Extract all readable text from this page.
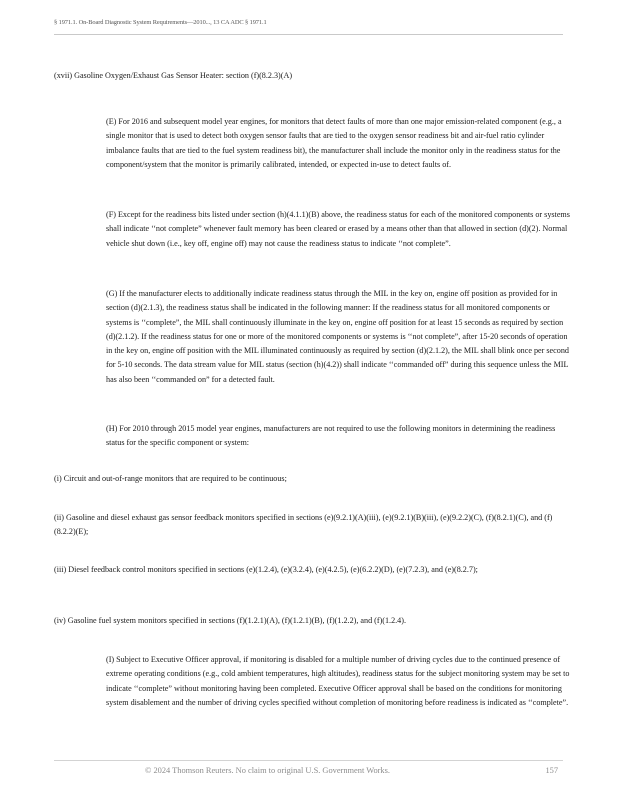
§ 1971.1. On-Board Diagnostic System Requirements—2010..., 13 CA ADC § 1971.1

(xvii) Gasoline Oxygen/Exhaust Gas Sensor Heater: section (f)(8.2.3)(A)

(E) For 2016 and subsequent model year engines, for monitors that detect faults of more than one major emission-related component (e.g., a single monitor that is used to detect both oxygen sensor faults that are tied to the oxygen sensor readiness bit and air-fuel ratio cylinder imbalance faults that are tied to the fuel system readiness bit), the manufacturer shall include the monitor only in the readiness status for the component/system that the monitor is primarily calibrated, intended, or expected in-use to detect faults of.

(F) Except for the readiness bits listed under section (h)(4.1.1)(B) above, the readiness status for each of the monitored components or systems shall indicate ‘‘not complete” whenever fault memory has been cleared or erased by a means other than that allowed in section (d)(2). Normal vehicle shut down (i.e., key off, engine off) may not cause the readiness status to indicate ‘‘not complete”.

(G) If the manufacturer elects to additionally indicate readiness status through the MIL in the key on, engine off position as provided for in section (d)(2.1.3), the readiness status shall be indicated in the following manner: If the readiness status for all monitored components or systems is ‘‘complete”, the MIL shall continuously illuminate in the key on, engine off position for at least 15 seconds as required by section (d)(2.1.2). If the readiness status for one or more of the monitored components or systems is ‘‘not complete”, after 15-20 seconds of operation in the key on, engine off position with the MIL illuminated continuously as required by section (d)(2.1.2), the MIL shall blink once per second for 5-10 seconds. The data stream value for MIL status (section (h)(4.2)) shall indicate ‘‘commanded off” during this sequence unless the MIL has also been ‘‘commanded on” for a detected fault.

(H) For 2010 through 2015 model year engines, manufacturers are not required to use the following monitors in determining the readiness status for the specific component or system:

(i) Circuit and out-of-range monitors that are required to be continuous;

(ii) Gasoline and diesel exhaust gas sensor feedback monitors specified in sections (e)(9.2.1)(A)(iii), (e)(9.2.1)(B)(iii), (e)(9.2.2)(C), (f)(8.2.1)(C), and (f)(8.2.2)(E);

(iii) Diesel feedback control monitors specified in sections (e)(1.2.4), (e)(3.2.4), (e)(4.2.5), (e)(6.2.2)(D), (e)(7.2.3), and (e)(8.2.7);

(iv) Gasoline fuel system monitors specified in sections (f)(1.2.1)(A), (f)(1.2.1)(B), (f)(1.2.2), and (f)(1.2.4).

(I) Subject to Executive Officer approval, if monitoring is disabled for a multiple number of driving cycles due to the continued presence of extreme operating conditions (e.g., cold ambient temperatures, high altitudes), readiness status for the subject monitoring system may be set to indicate ‘‘complete” without monitoring having been completed. Executive Officer approval shall be based on the conditions for monitoring system disablement and the number of driving cycles specified without completion of monitoring before readiness is indicated as ‘‘complete”.

© 2024 Thomson Reuters. No claim to original U.S. Government Works.	157
